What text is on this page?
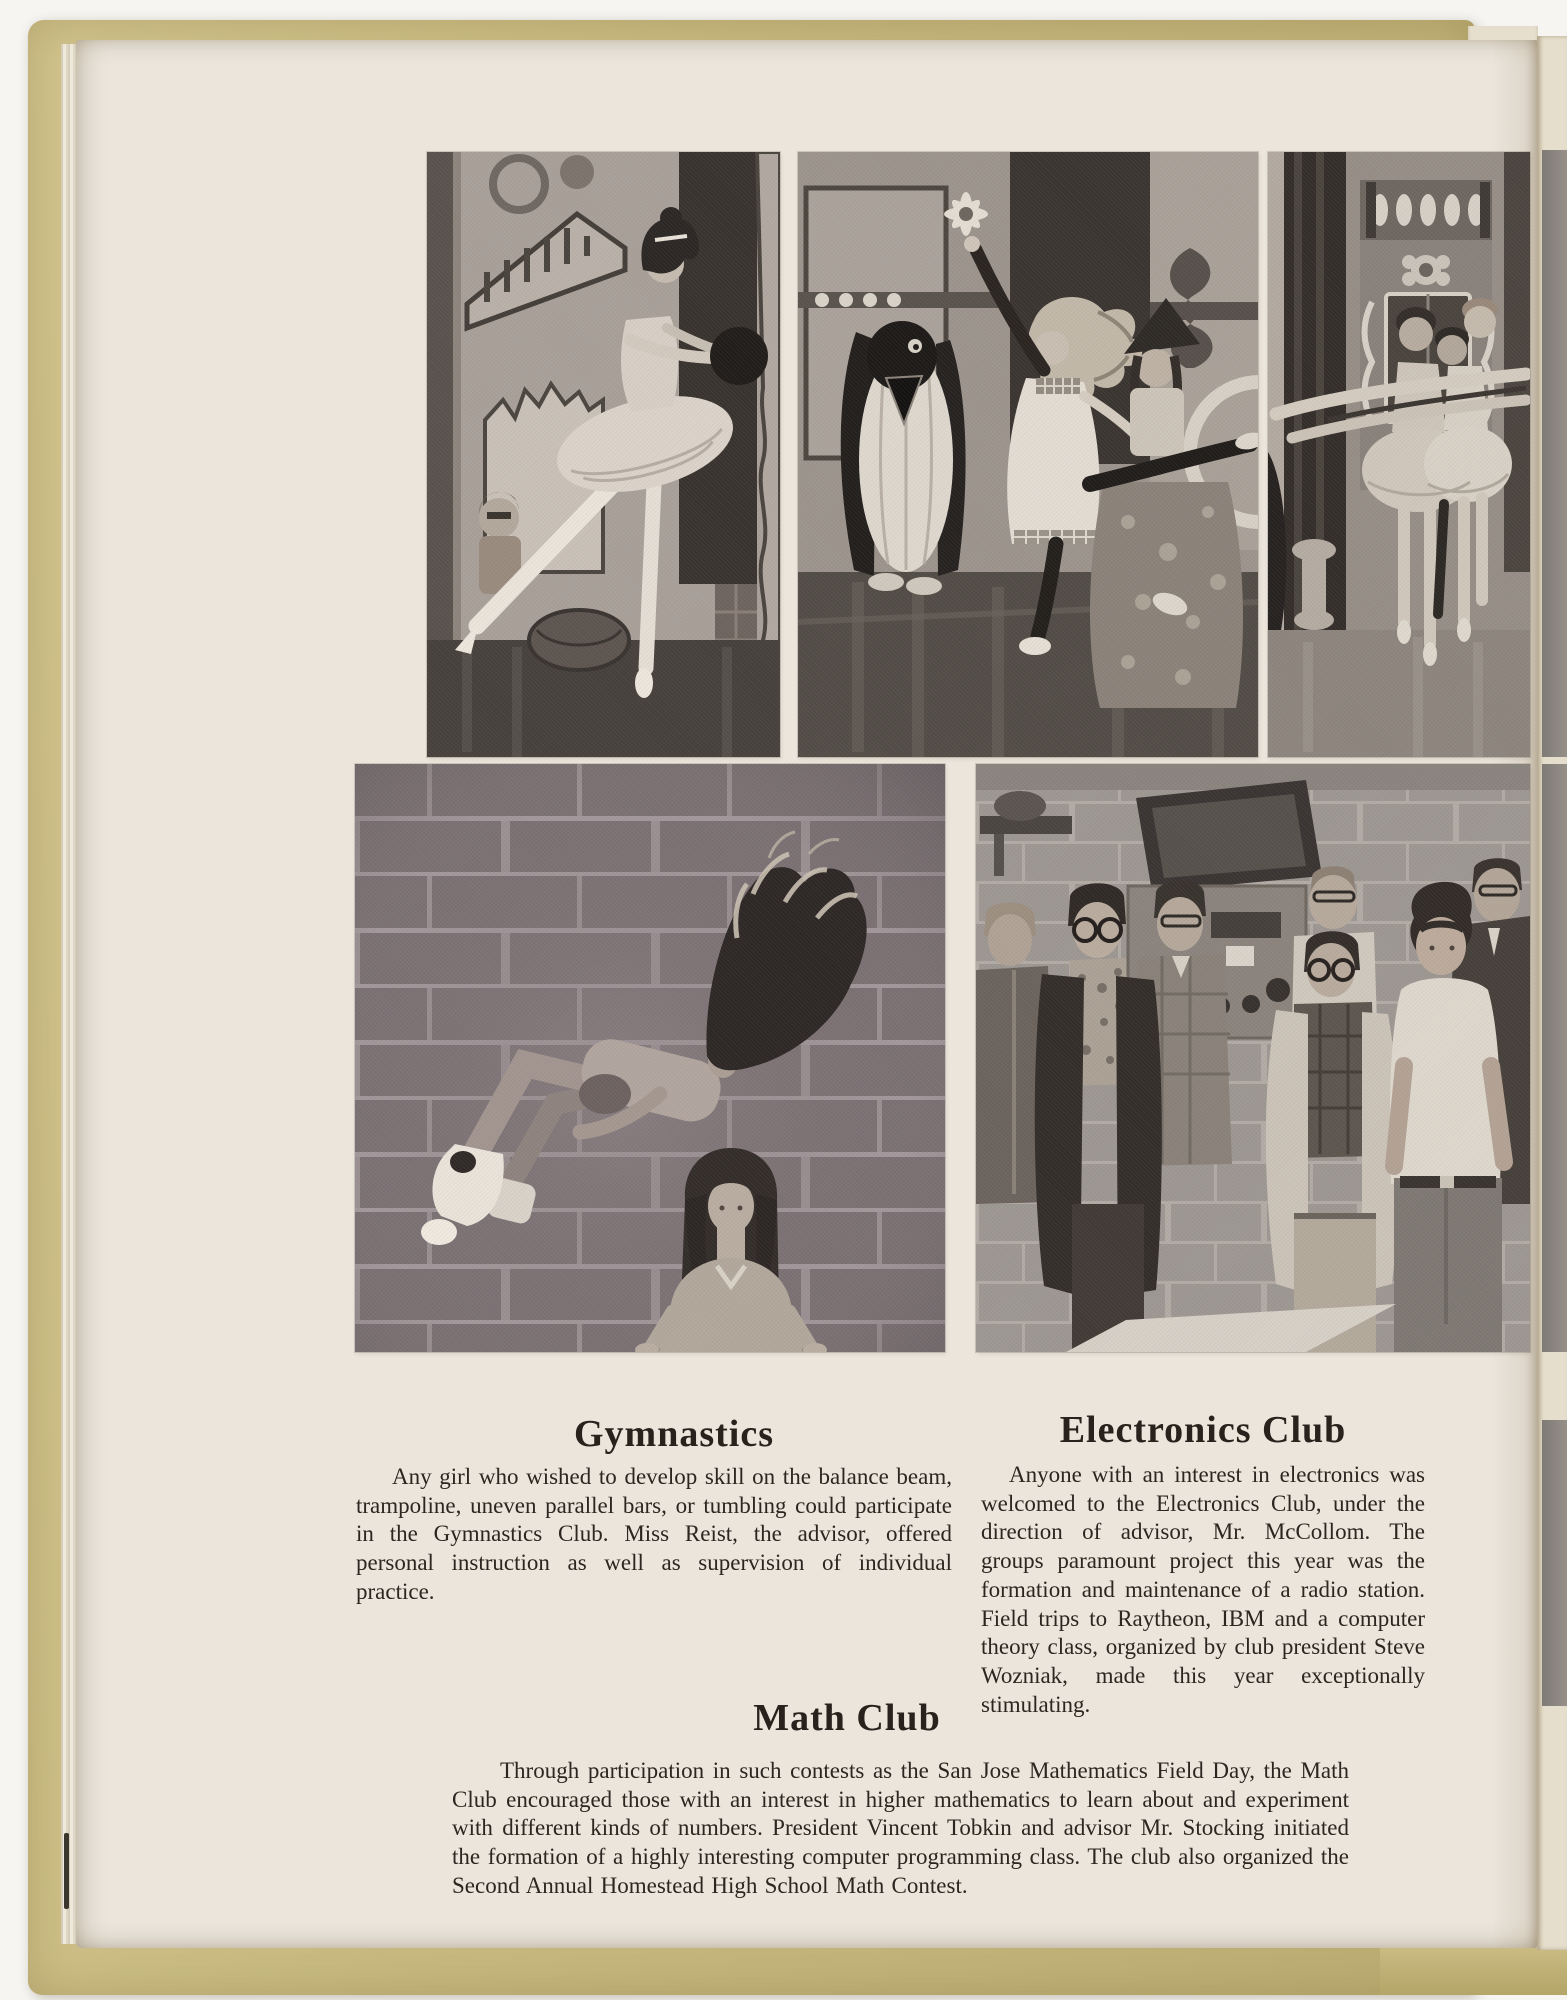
Gymnastics

Any girl who wished to develop skill on the balance beam, trampoline, uneven parallel bars, or tumbling could participate in the Gymnastics Club. Miss Reist, the advisor, offered personal instruction as well as supervision of individual practice.

Electronics Club

Anyone with an interest in electronics was welcomed to the Electronics Club, under the direction of advisor, Mr. McCollom. The groups paramount project this year was the formation and maintenance of a radio station. Field trips to Raytheon, IBM and a computer theory class, organized by club president Steve Wozniak, made this year exceptionally stimulating.

Math Club

Through participation in such contests as the San Jose Mathematics Field Day, the Math Club encouraged those with an interest in higher mathematics to learn about and experiment with different kinds of numbers. President Vincent Tobkin and advisor Mr. Stocking initiated the formation of a highly interesting computer programming class. The club also organized the Second Annual Homestead High School Math Contest.
